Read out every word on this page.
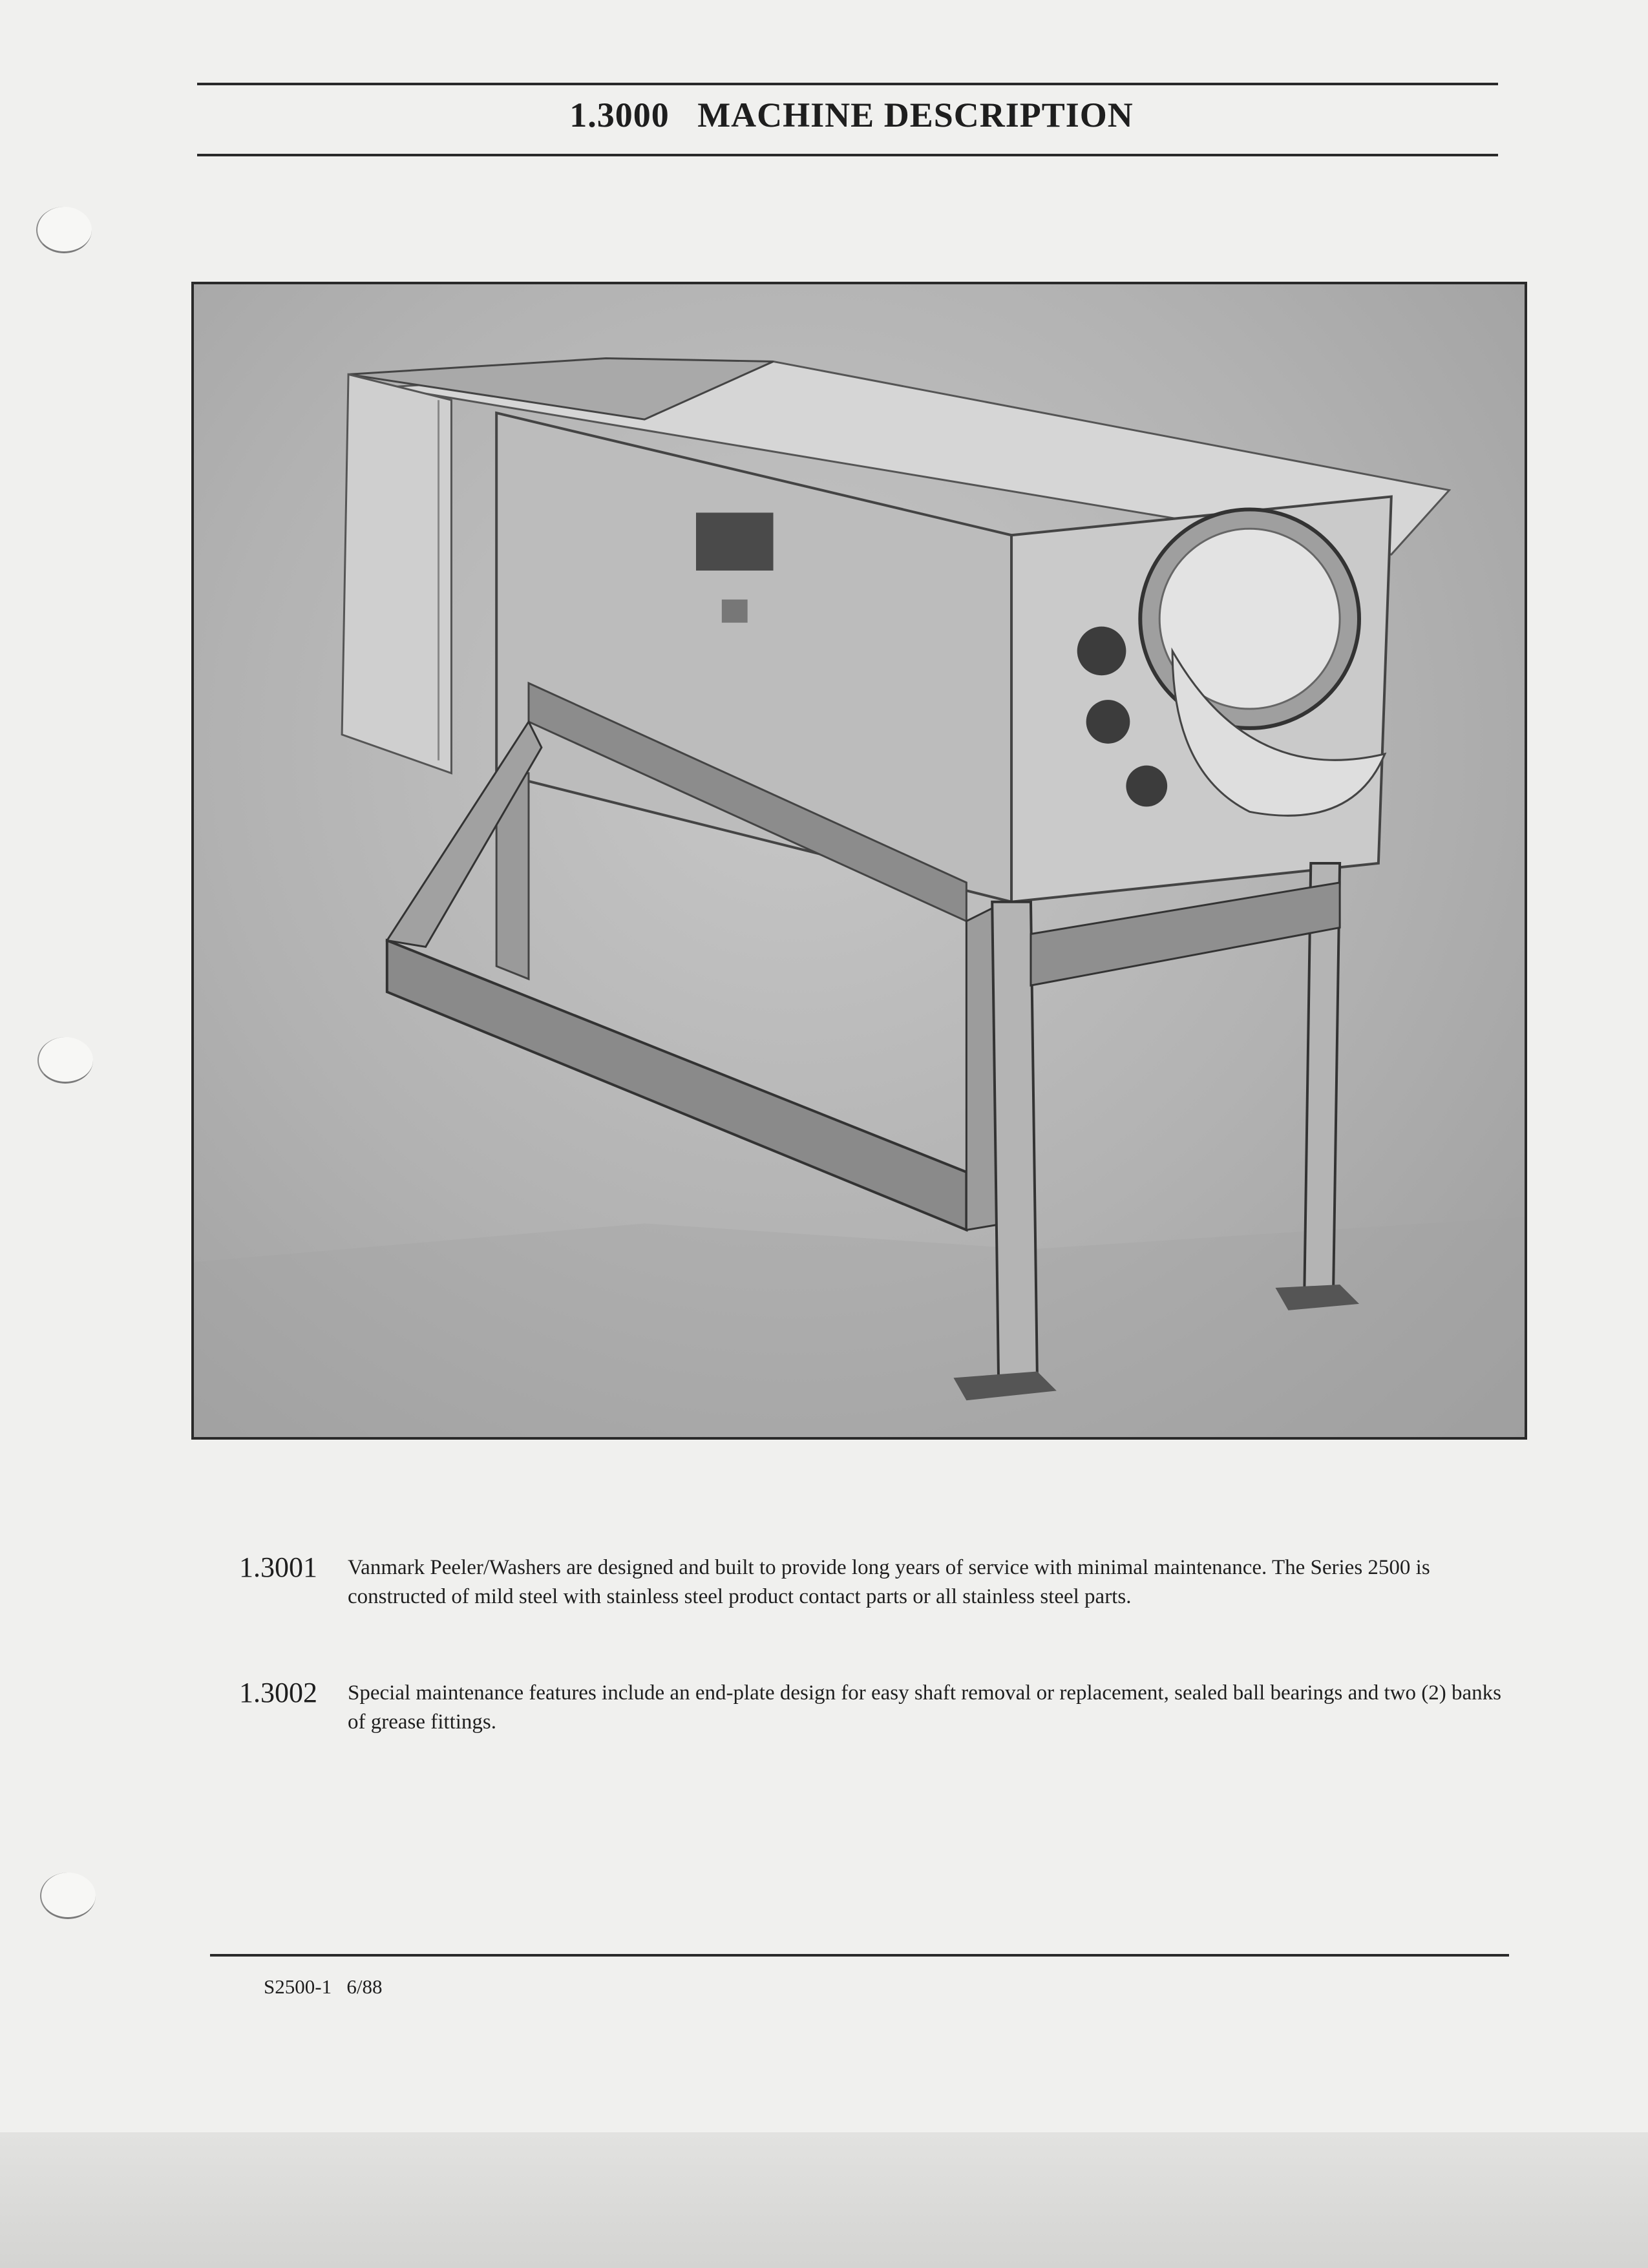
1.3000 MACHINE DESCRIPTION
1.3001 Vanmark Peeler/Washers are designed and built to provide long years of service with minimal maintenance. The Series 2500 is constructed of mild steel with stainless steel product contact parts or all stainless steel parts.
1.3002 Special maintenance features include an end-plate design for easy shaft removal or replacement, sealed ball bearings and two (2) banks of grease fittings.
S2500-1 6/88
